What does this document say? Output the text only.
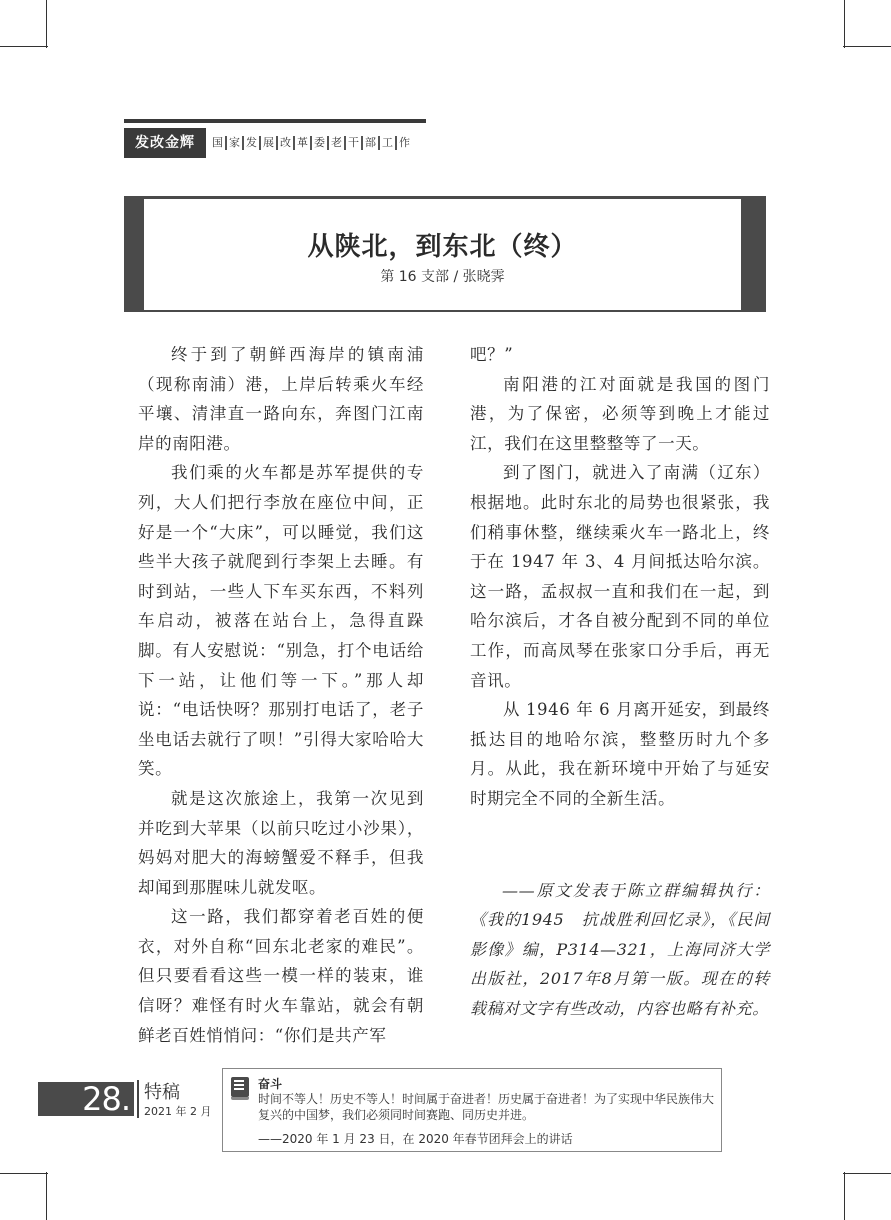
发改金辉	国 家 发 展 改 革 委 老 干 部 工 作
从陕北，到东北（终）
第 16 支部 / 张晓霁

终于到了朝鲜西海岸的镇南浦（现称南浦）港，上岸后转乘火车经平壤、清津直一路向东，奔图门江南岸的南阳港。

我们乘的火车都是苏军提供的专列，大人们把行李放在座位中间，正好是一个“大床”，可以睡觉，我们这些半大孩子就爬到行李架上去睡。有时到站，一些人下车买东西，不料列车启动，被落在站台上，急得直跺脚。有人安慰说：“别急，打个电话给下一站，让他们等一下。”那人却说：“电话快呀？那别打电话了，老子坐电话去就行了呗！”引得大家哈哈大笑。

就是这次旅途上，我第一次见到并吃到大苹果（以前只吃过小沙果），妈妈对肥大的海螃蟹爱不释手，但我却闻到那腥味儿就发呕。

这一路，我们都穿着老百姓的便衣，对外自称“回东北老家的难民”。但只要看看这些一模一样的装束，谁信呀？难怪有时火车靠站，就会有朝鲜老百姓悄悄问：“你们是共产军

吧？”

南阳港的江对面就是我国的图门港，为了保密，必须等到晚上才能过江，我们在这里整整等了一天。

到了图门，就进入了南满（辽东）根据地。此时东北的局势也很紧张，我们稍事休整，继续乘火车一路北上，终于在 1947 年 3、4 月间抵达哈尔滨。这一路，孟叔叔一直和我们在一起，到哈尔滨后，才各自被分配到不同的单位工作，而高凤琴在张家口分手后，再无音讯。

从 1946 年 6 月离开延安，到最终抵达目的地哈尔滨，整整历时九个多月。从此，我在新环境中开始了与延安时期完全不同的全新生活。

——原文发表于陈立群编辑执行：《我的1945　抗战胜利回忆录》，《民间影像》编，P314—321，上海同济大学出版社，2017年8月第一版。现在的转载稿对文字有些改动，内容也略有补充。

28. 特稿
2021 年 2 月
奋斗

时间不等人！历史不等人！时间属于奋进者！历史属于奋进者！为了实现中华民族伟大复兴的中国梦，我们必须同时间赛跑、同历史并进。

——2020 年 1 月 23 日，在 2020 年春节团拜会上的讲话
